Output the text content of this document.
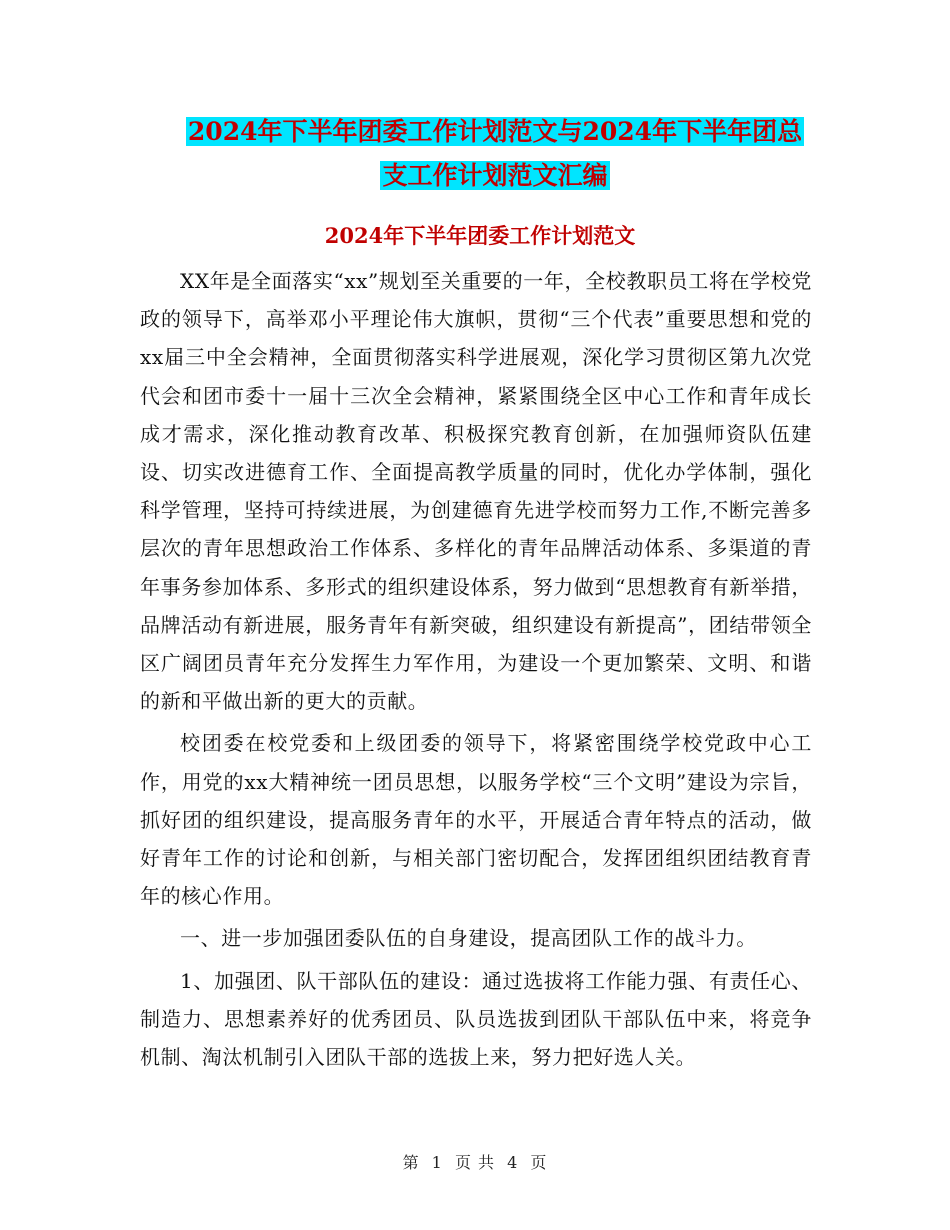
2024年下半年团委工作计划范文与2024年下半年团总
支工作计划范文汇编
2024年下半年团委工作计划范文

XX年是全面落实“xx”规划至关重要的一年，全校教职员工将在学校党政的领导下，高举邓小平理论伟大旗帜，贯彻“三个代表”重要思想和党的xx届三中全会精神，全面贯彻落实科学进展观，深化学习贯彻区第九次党代会和团市委十一届十三次全会精神，紧紧围绕全区中心工作和青年成长成才需求，深化推动教育改革、积极探究教育创新，在加强师资队伍建设、切实改进德育工作、全面提高教学质量的同时，优化办学体制，强化科学管理，坚持可持续进展，为创建德育先进学校而努力工作,不断完善多层次的青年思想政治工作体系、多样化的青年品牌活动体系、多渠道的青年事务参加体系、多形式的组织建设体系，努力做到“思想教育有新举措，品牌活动有新进展，服务青年有新突破，组织建设有新提高”，团结带领全区广阔团员青年充分发挥生力军作用，为建设一个更加繁荣、文明、和谐的新和平做出新的更大的贡献。

校团委在校党委和上级团委的领导下，将紧密围绕学校党政中心工作，用党的xx大精神统一团员思想，以服务学校“三个文明”建设为宗旨，抓好团的组织建设，提高服务青年的水平，开展适合青年特点的活动，做好青年工作的讨论和创新，与相关部门密切配合，发挥团组织团结教育青年的核心作用。

一、进一步加强团委队伍的自身建设，提高团队工作的战斗力。

1、加强团、队干部队伍的建设：通过选拔将工作能力强、有责任心、制造力、思想素养好的优秀团员、队员选拔到团队干部队伍中来，将竞争机制、淘汰机制引入团队干部的选拔上来，努力把好选人关。

第 1 页 共 4 页
